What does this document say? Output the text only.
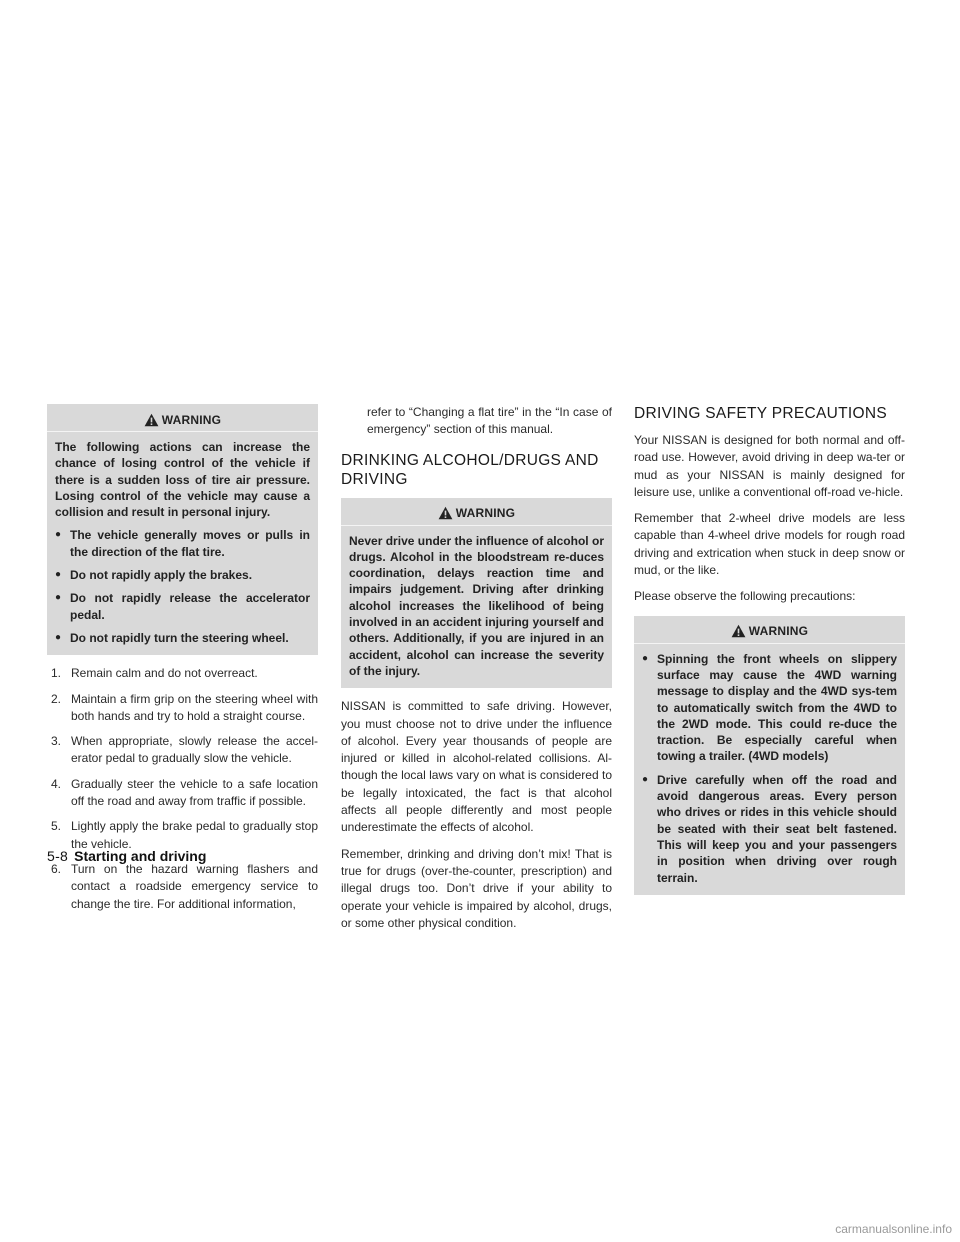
WARNING

The following actions can increase the chance of losing control of the vehicle if there is a sudden loss of tire air pressure. Losing control of the vehicle may cause a collision and result in personal injury.

● The vehicle generally moves or pulls in the direction of the flat tire.
● Do not rapidly apply the brakes.
● Do not rapidly release the accelerator pedal.
● Do not rapidly turn the steering wheel.
1. Remain calm and do not overreact.
2. Maintain a firm grip on the steering wheel with both hands and try to hold a straight course.
3. When appropriate, slowly release the accel-erator pedal to gradually slow the vehicle.
4. Gradually steer the vehicle to a safe location off the road and away from traffic if possible.
5. Lightly apply the brake pedal to gradually stop the vehicle.
6. Turn on the hazard warning flashers and contact a roadside emergency service to change the tire. For additional information,
refer to “Changing a flat tire” in the “In case of emergency” section of this manual.
DRINKING ALCOHOL/DRUGS AND DRIVING
WARNING

Never drive under the influence of alcohol or drugs. Alcohol in the bloodstream re-duces coordination, delays reaction time and impairs judgement. Driving after drinking alcohol increases the likelihood of being involved in an accident injuring yourself and others. Additionally, if you are injured in an accident, alcohol can increase the severity of the injury.

NISSAN is committed to safe driving. However, you must choose not to drive under the influence of alcohol. Every year thousands of people are injured or killed in alcohol-related collisions. Al-though the local laws vary on what is considered to be legally intoxicated, the fact is that alcohol affects all people differently and most people underestimate the effects of alcohol.

Remember, drinking and driving don’t mix! That is true for drugs (over-the-counter, prescription) and illegal drugs too. Don’t drive if your ability to operate your vehicle is impaired by alcohol, drugs, or some other physical condition.

DRIVING SAFETY PRECAUTIONS

Your NISSAN is designed for both normal and off-road use. However, avoid driving in deep wa-ter or mud as your NISSAN is mainly designed for leisure use, unlike a conventional off-road ve-hicle.

Remember that 2-wheel drive models are less capable than 4-wheel drive models for rough road driving and extrication when stuck in deep snow or mud, or the like.

Please observe the following precautions:

WARNING
● Spinning the front wheels on slippery surface may cause the 4WD warning message to display and the 4WD sys-tem to automatically switch from the 4WD to the 2WD mode. This could re-duce the traction. Be especially careful when towing a trailer. (4WD models)
● Drive carefully when off the road and avoid dangerous areas. Every person who drives or rides in this vehicle should be seated with their seat belt fastened. This will keep you and your passengers in position when driving over rough terrain.
5-8 Starting and driving
carmanualsonline.info
